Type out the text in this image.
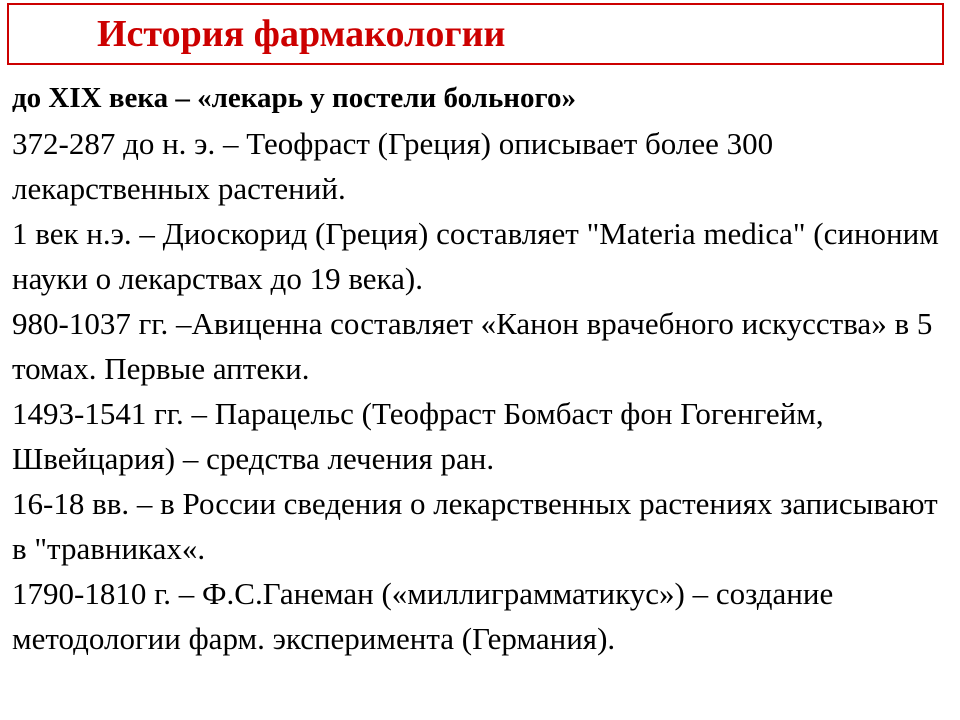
История фармакологии

до XIX века – «лекарь у постели больного»

372-287 до н. э. – Теофраст (Греция) описывает более 300 лекарственных растений.

1 век н.э. – Диоскорид (Греция) составляет "Materia medica" (синоним науки о лекарствах до 19 века).

980-1037 гг. –Авиценна составляет «Канон врачебного искусства» в 5 томах. Первые аптеки.

1493-1541 гг. – Парацельс (Теофраст Бомбаст фон Гогенгейм, Швейцария) – средства лечения ран.

16-18 вв. – в России сведения о лекарственных растениях записывают в "травниках«.

1790-1810 г. – Ф.С.Ганеман («миллиграмматикус») – создание методологии фарм. эксперимента (Германия).
